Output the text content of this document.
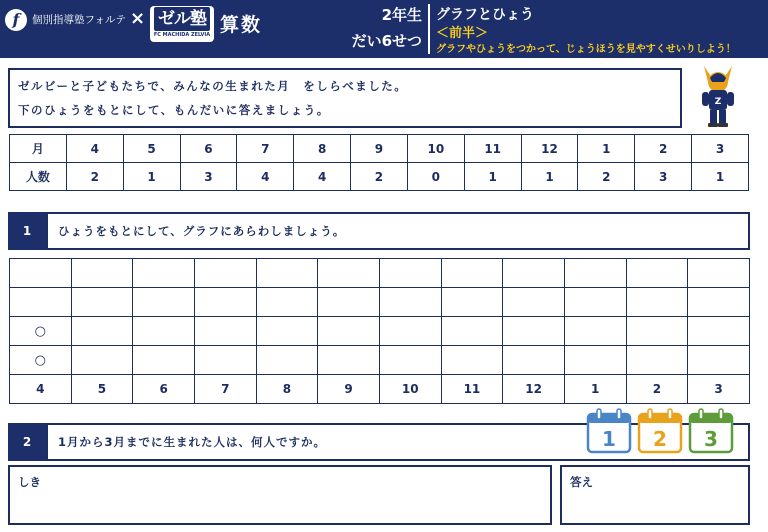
f	個別指導塾フォルテ × ゼル塾
FC MACHIDA ZELVIA 算数	2年生
だい6せつ
グラフとひょう
＜前半＞
グラフやひょうをつかって、じょうほうを見やすくせいりしよう！
ゼルビーと子どもたちで、みんなの生まれた月　をしらべました。
下のひょうをもとにして、もんだいに答えましょう。
Z
月	4	5	6	7	8	9	10	11	12	1	2	3
人数	2	1	3	4	4	2	0	1	1	2	3	1
1	ひょうをもとにして、グラフにあらわしましょう。

○											
○											
4	5	6	7	8	9	10	11	12	1	2	3
2	1月から3月までに生まれた人は、何人ですか。	1 2 3
しき	答え
